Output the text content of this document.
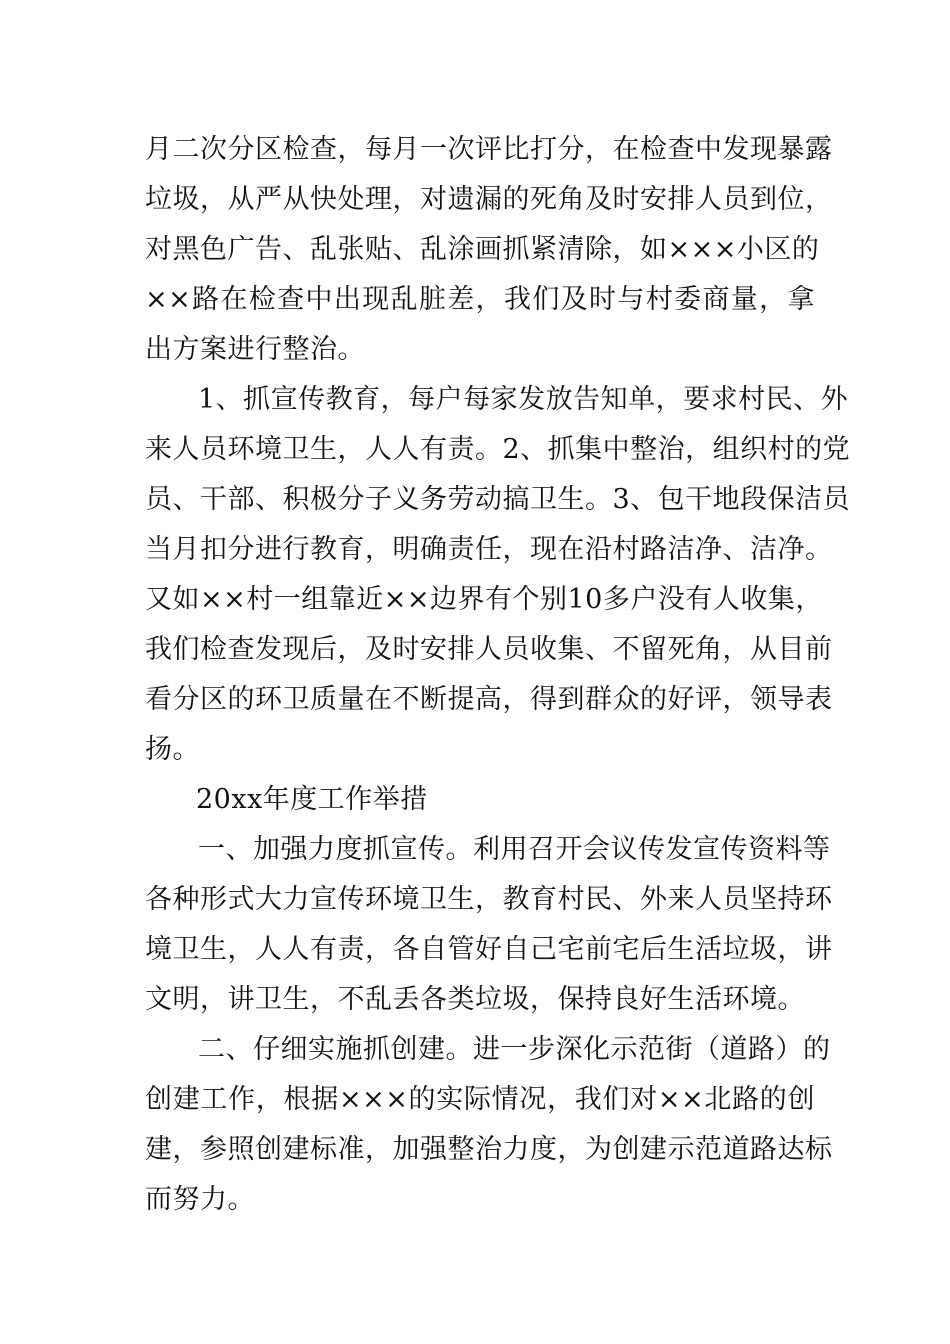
月二次分区检查，每月一次评比打分，在检查中发现暴露
垃圾，从严从快处理，对遗漏的死角及时安排人员到位，
对黑色广告、乱张贴、乱涂画抓紧清除，如×××小区的
××路在检查中出现乱脏差，我们及时与村委商量，拿
出方案进行整治。
1、抓宣传教育，每户每家发放告知单，要求村民、外
来人员环境卫生，人人有责。2、抓集中整治，组织村的党
员、干部、积极分子义务劳动搞卫生。3、包干地段保洁员
当月扣分进行教育，明确责任，现在沿村路洁净、洁净。
又如××村一组靠近××边界有个别10多户没有人收集，
我们检查发现后，及时安排人员收集、不留死角，从目前
看分区的环卫质量在不断提高，得到群众的好评，领导表
扬。
20xx年度工作举措
一、加强力度抓宣传。利用召开会议传发宣传资料等
各种形式大力宣传环境卫生，教育村民、外来人员坚持环
境卫生，人人有责，各自管好自己宅前宅后生活垃圾，讲
文明，讲卫生，不乱丢各类垃圾，保持良好生活环境。
二、仔细实施抓创建。进一步深化示范街（道路）的
创建工作，根据×××的实际情况，我们对××北路的创
建，参照创建标准，加强整治力度，为创建示范道路达标
而努力。
